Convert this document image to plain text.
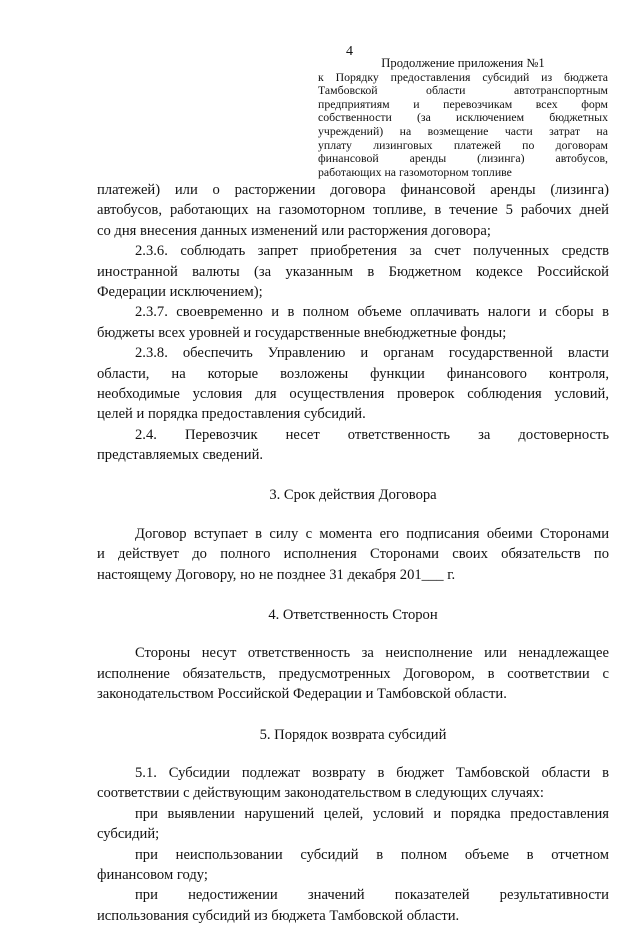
4
Продолжение приложения №1
к Порядку предоставления субсидий из бюджета
Тамбовской области автотранспортным
предприятиям и перевозчикам всех форм
собственности (за исключением бюджетных
учреждений) на возмещение части затрат на
уплату лизинговых платежей по договорам
финансовой аренды (лизинга) автобусов,
работающих на газомоторном топливе
платежей) или о расторжении договора финансовой аренды (лизинга)
автобусов, работающих на газомоторном топливе, в течение 5 рабочих дней
со дня внесения данных изменений или расторжения договора;
2.3.6. соблюдать запрет приобретения за счет полученных средств
иностранной валюты (за указанным в Бюджетном кодексе Российской
Федерации исключением);
2.3.7. своевременно и в полном объеме оплачивать налоги и сборы в
бюджеты всех уровней и государственные внебюджетные фонды;
2.3.8. обеспечить Управлению и органам государственной власти
области, на которые возложены функции финансового контроля,
необходимые условия для осуществления проверок соблюдения условий,
целей и порядка предоставления субсидий.
2.4. Перевозчик несет ответственность за достоверность
представляемых сведений.
3. Срок действия Договора
Договор вступает в силу с момента его подписания обеими Сторонами
и действует до полного исполнения Сторонами своих обязательств по
настоящему Договору, но не позднее 31 декабря 201___ г.
4. Ответственность Сторон
Стороны несут ответственность за неисполнение или ненадлежащее
исполнение обязательств, предусмотренных Договором, в соответствии с
законодательством Российской Федерации и Тамбовской области.
5. Порядок возврата субсидий
5.1. Субсидии подлежат возврату в бюджет Тамбовской области в
соответствии с действующим законодательством в следующих случаях:
при выявлении нарушений целей, условий и порядка предоставления
субсидий;
при неиспользовании субсидий в полном объеме в отчетном
финансовом году;
при недостижении значений показателей результативности
использования субсидий из бюджета Тамбовской области.
